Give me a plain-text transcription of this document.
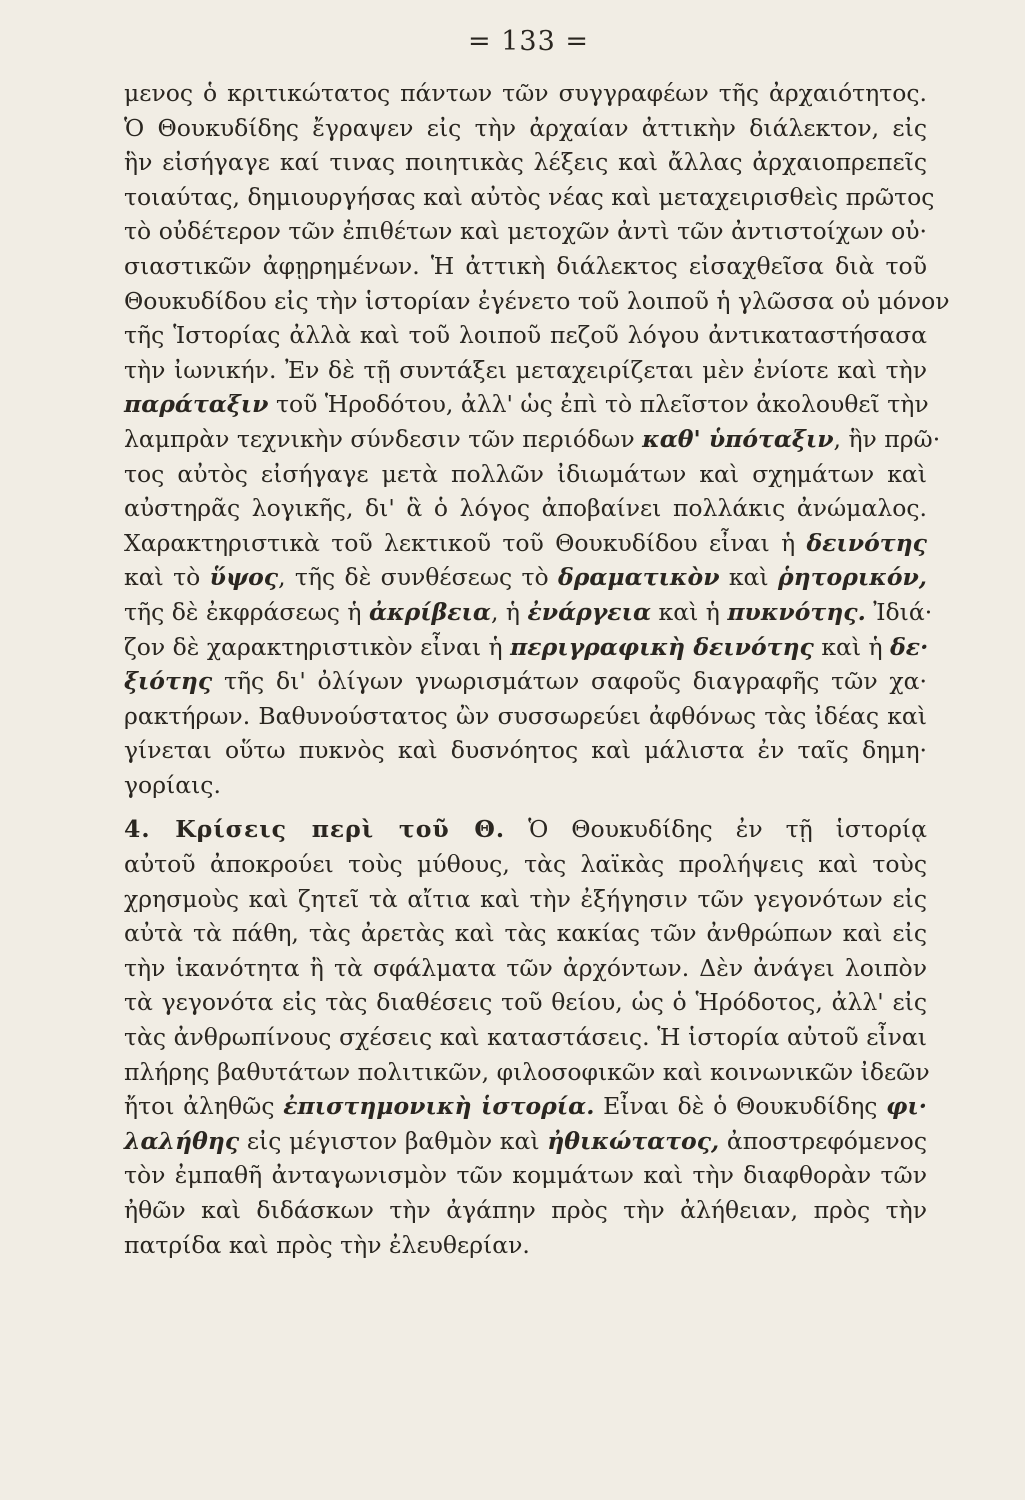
= 133 =
μενος ὁ κριτικώτατος πάντων τῶν συγγραφέων τῆς ἀρχαιότητος.
Ὁ Θουκυδίδης ἔγραψεν εἰς τὴν ἀρχαίαν ἀττικὴν διάλεκτον, εἰς
ἣν εἰσήγαγε καί τινας ποιητικὰς λέξεις καὶ ἄλλας ἀρχαιοπρεπεῖς
τοιαύτας, δημιουργήσας καὶ αὐτὸς νέας καὶ μεταχειρισθεὶς πρῶτος
τὸ οὐδέτερον τῶν ἐπιθέτων καὶ μετοχῶν ἀντὶ τῶν ἀντιστοίχων οὐ·
σιαστικῶν ἀφῃρημένων. Ἡ ἀττικὴ διάλεκτος εἰσαχθεῖσα διὰ τοῦ
Θουκυδίδου εἰς τὴν ἱστορίαν ἐγένετο τοῦ λοιποῦ ἡ γλῶσσα οὐ μόνον
τῆς Ἱστορίας ἀλλὰ καὶ τοῦ λοιποῦ πεζοῦ λόγου ἀντικαταστήσασα
τὴν ἰωνικήν. Ἐν δὲ τῇ συντάξει μεταχειρίζεται μὲν ἐνίοτε καὶ τὴν
παράταξιν τοῦ Ἡροδότου, ἀλλ' ὡς ἐπὶ τὸ πλεῖστον ἀκολουθεῖ τὴν
λαμπρὰν τεχνικὴν σύνδεσιν τῶν περιόδων καθ' ὑπόταξιν, ἣν πρῶ·
τος αὐτὸς εἰσήγαγε μετὰ πολλῶν ἰδιωμάτων καὶ σχημάτων καὶ
αὐστηρᾶς λογικῆς, δι' ἃ ὁ λόγος ἀποβαίνει πολλάκις ἀνώμαλος.
Χαρακτηριστικὰ τοῦ λεκτικοῦ τοῦ Θουκυδίδου εἶναι ἡ δεινότης
καὶ τὸ ὕψος, τῆς δὲ συνθέσεως τὸ δραματικὸν καὶ ῥητορικόν,
τῆς δὲ ἐκφράσεως ἡ ἀκρίβεια, ἡ ἐνάργεια καὶ ἡ πυκνότης. Ἰδιά·
ζον δὲ χαρακτηριστικὸν εἶναι ἡ περιγραφικὴ δεινότης καὶ ἡ δε·
ξιότης τῆς δι' ὀλίγων γνωρισμάτων σαφοῦς διαγραφῆς τῶν χα·
ρακτήρων. Βαθυνούστατος ὢν συσσωρεύει ἀφθόνως τὰς ἰδέας καὶ
γίνεται οὕτω πυκνὸς καὶ δυσνόητος καὶ μάλιστα ἐν ταῖς δημη·
γορίαις.
4. Κρίσεις περὶ τοῦ Θ. Ὁ Θουκυδίδης ἐν τῇ ἱστορίᾳ
αὐτοῦ ἀποκρούει τοὺς μύθους, τὰς λαϊκὰς προλήψεις καὶ τοὺς
χρησμοὺς καὶ ζητεῖ τὰ αἴτια καὶ τὴν ἐξήγησιν τῶν γεγονότων εἰς
αὐτὰ τὰ πάθη, τὰς ἀρετὰς καὶ τὰς κακίας τῶν ἀνθρώπων καὶ εἰς
τὴν ἱκανότητα ἢ τὰ σφάλματα τῶν ἀρχόντων. Δὲν ἀνάγει λοιπὸν
τὰ γεγονότα εἰς τὰς διαθέσεις τοῦ θείου, ὡς ὁ Ἡρόδοτος, ἀλλ' εἰς
τὰς ἀνθρωπίνους σχέσεις καὶ καταστάσεις. Ἡ ἱστορία αὐτοῦ εἶναι
πλήρης βαθυτάτων πολιτικῶν, φιλοσοφικῶν καὶ κοινωνικῶν ἰδεῶν
ἤτοι ἀληθῶς ἐπιστημονικὴ ἱστορία. Εἶναι δὲ ὁ Θουκυδίδης φι·
λαλήθης εἰς μέγιστον βαθμὸν καὶ ἠθικώτατος, ἀποστρεφόμενος
τὸν ἐμπαθῆ ἀνταγωνισμὸν τῶν κομμάτων καὶ τὴν διαφθορὰν τῶν
ἠθῶν καὶ διδάσκων τὴν ἀγάπην πρὸς τὴν ἀλήθειαν, πρὸς τὴν
πατρίδα καὶ πρὸς τὴν ἐλευθερίαν.
